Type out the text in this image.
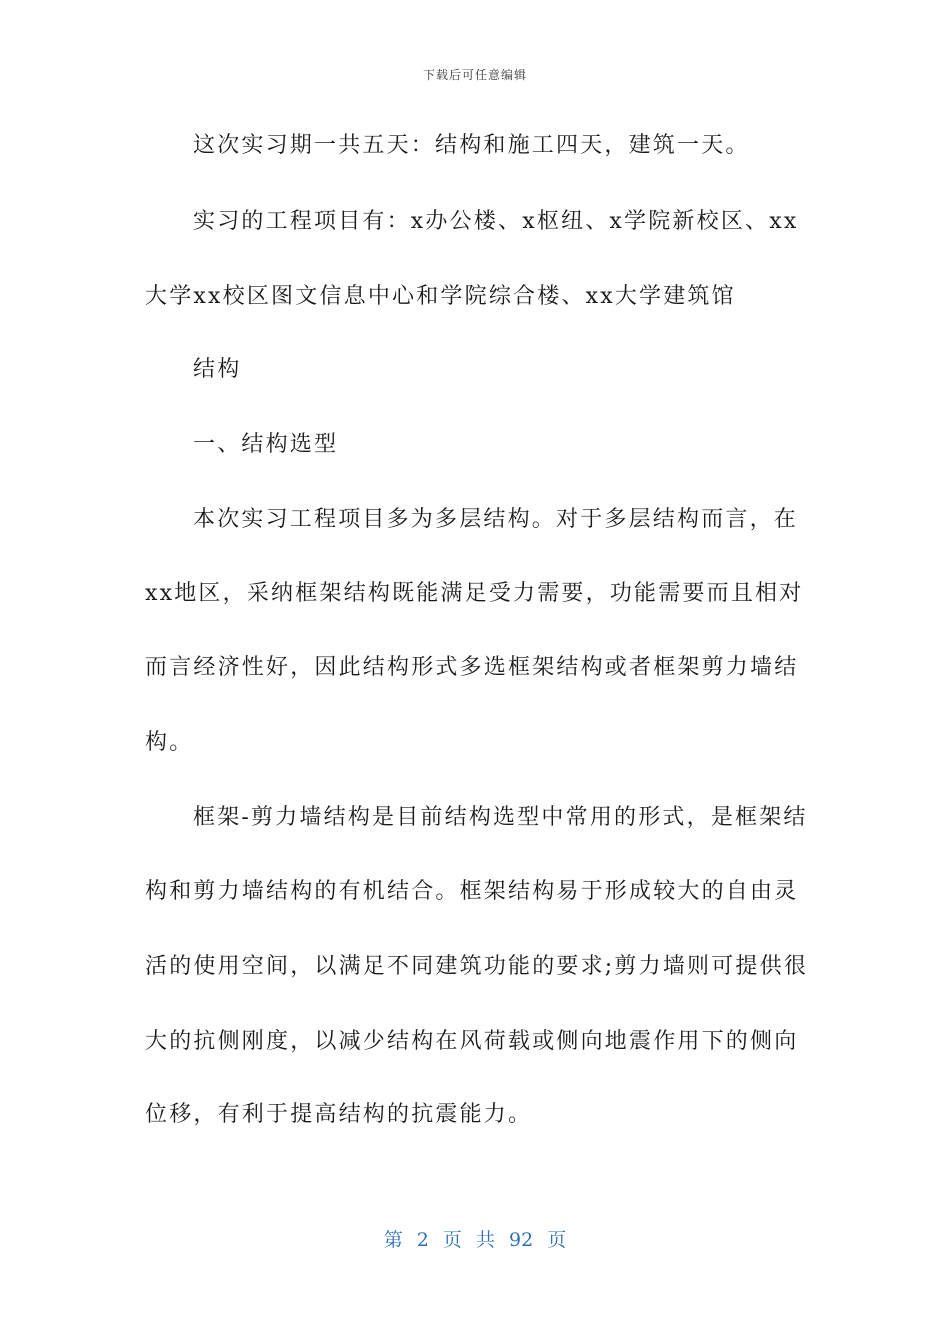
下载后可任意编辑
这次实习期一共五天：结构和施工四天，建筑一天。
实习的工程项目有：x办公楼、x枢纽、x学院新校区、xx
大学xx校区图文信息中心和学院综合楼、xx大学建筑馆
结构
一、结构选型
本次实习工程项目多为多层结构。对于多层结构而言，在
xx地区，采纳框架结构既能满足受力需要，功能需要而且相对
而言经济性好，因此结构形式多选框架结构或者框架剪力墙结
构。
框架-剪力墙结构是目前结构选型中常用的形式，是框架结
构和剪力墙结构的有机结合。框架结构易于形成较大的自由灵
活的使用空间，以满足不同建筑功能的要求;剪力墙则可提供很
大的抗侧刚度，以减少结构在风荷载或侧向地震作用下的侧向
位移，有利于提高结构的抗震能力。
第 2 页 共 92 页
